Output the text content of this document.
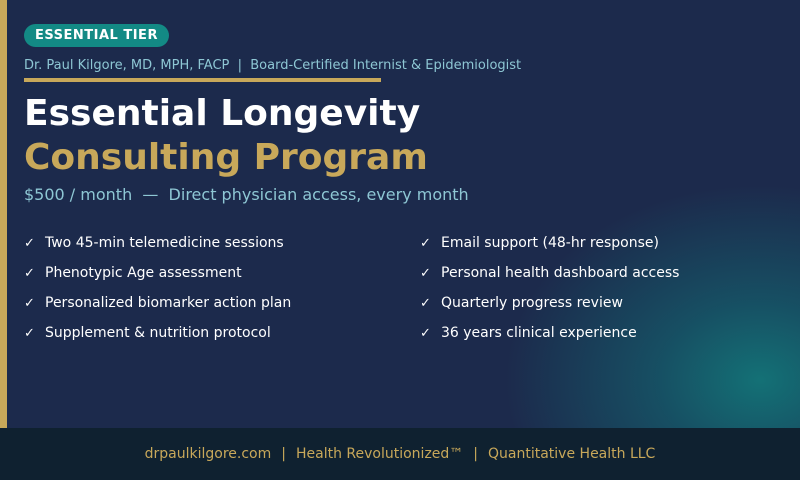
ESSENTIAL TIER
Dr. Paul Kilgore, MD, MPH, FACP  |  Board-Certified Internist & Epidemiologist
Essential Longevity
Consulting Program
$500 / month  —  Direct physician access, every month
✓ Two 45-min telemedicine sessions
✓ Phenotypic Age assessment
✓ Personalized biomarker action plan
✓ Supplement & nutrition protocol
✓ Email support (48-hr response)
✓ Personal health dashboard access
✓ Quarterly progress review
✓ 36 years clinical experience
drpaulkilgore.com | Health Revolutionized™ | Quantitative Health LLC
